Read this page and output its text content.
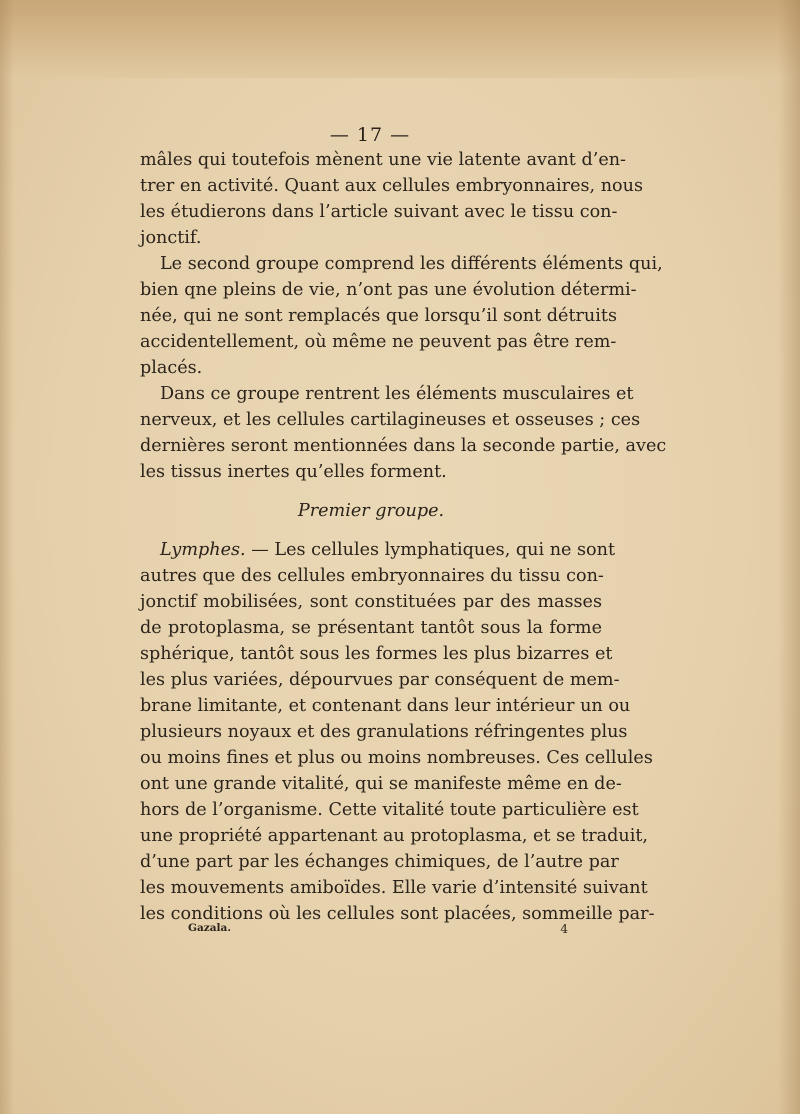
— 17 —
mâles qui toutefois mènent une vie latente avant d’en-
trer en activité. Quant aux cellules embryonnaires, nous
les étudierons dans l’article suivant avec le tissu con-
jonctif.
Le second groupe comprend les différents éléments qui,
bien qne pleins de vie, n’ont pas une évolution détermi-
née, qui ne sont remplacés que lorsqu’il sont détruits
accidentellement, où même ne peuvent pas être rem-
placés.
Dans ce groupe rentrent les éléments musculaires et
nerveux, et les cellules cartilagineuses et osseuses ; ces
dernières seront mentionnées dans la seconde partie, avec
les tissus inertes qu’elles forment.
Premier groupe.
Lymphes. — Les cellules lymphatiques, qui ne sont
autres que des cellules embryonnaires du tissu con-
jonctif mobilisées, sont constituées par des masses
de protoplasma, se présentant tantôt sous la forme
sphérique, tantôt sous les formes les plus bizarres et
les plus variées, dépourvues par conséquent de mem-
brane limitante, et contenant dans leur intérieur un ou
plusieurs noyaux et des granulations réfringentes plus
ou moins fines et plus ou moins nombreuses. Ces cellules
ont une grande vitalité, qui se manifeste même en de-
hors de l’organisme. Cette vitalité toute particulière est
une propriété appartenant au protoplasma, et se traduit,
d’une part par les échanges chimiques, de l’autre par
les mouvements amiboïdes. Elle varie d’intensité suivant
les conditions où les cellules sont placées, sommeille par-
Gazala.	4
